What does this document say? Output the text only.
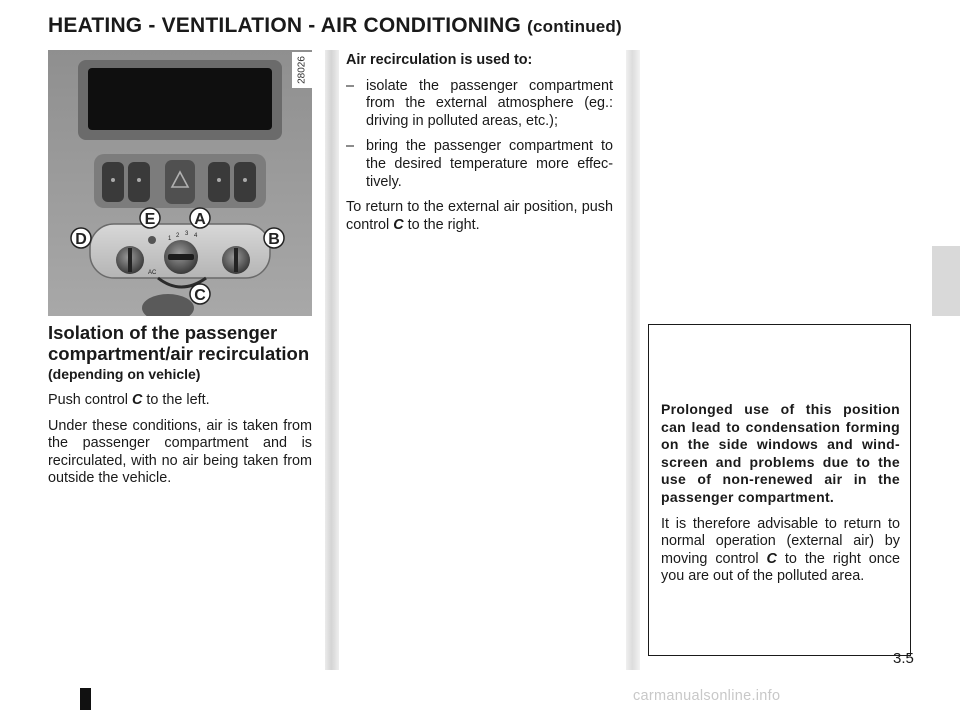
HEATING - VENTILATION - AIR CONDITIONING (continued)
AC
1 2 3 4
A
B
C
D
E
28026
Isolation of the passenger compartment/air recirculation
(depending on vehicle)

Push control C to the left.

Under these conditions, air is taken from the passenger compartment and is recirculated, with no air being taken from outside the vehicle.

Air recirculation is used to:

– isolate the passenger compartment from the external atmosphere (eg.: driving in polluted areas, etc.);
– bring the passenger compartment to the desired temperature more effec-tively.

To return to the external air position, push control C to the right.

Prolonged use of this position can lead to condensation forming on the side windows and wind-screen and problems due to the use of non-renewed air in the passenger compartment.

It is therefore advisable to return to normal operation (external air) by moving control C to the right once you are out of the polluted area.

3.5
carmanualsonline.info
